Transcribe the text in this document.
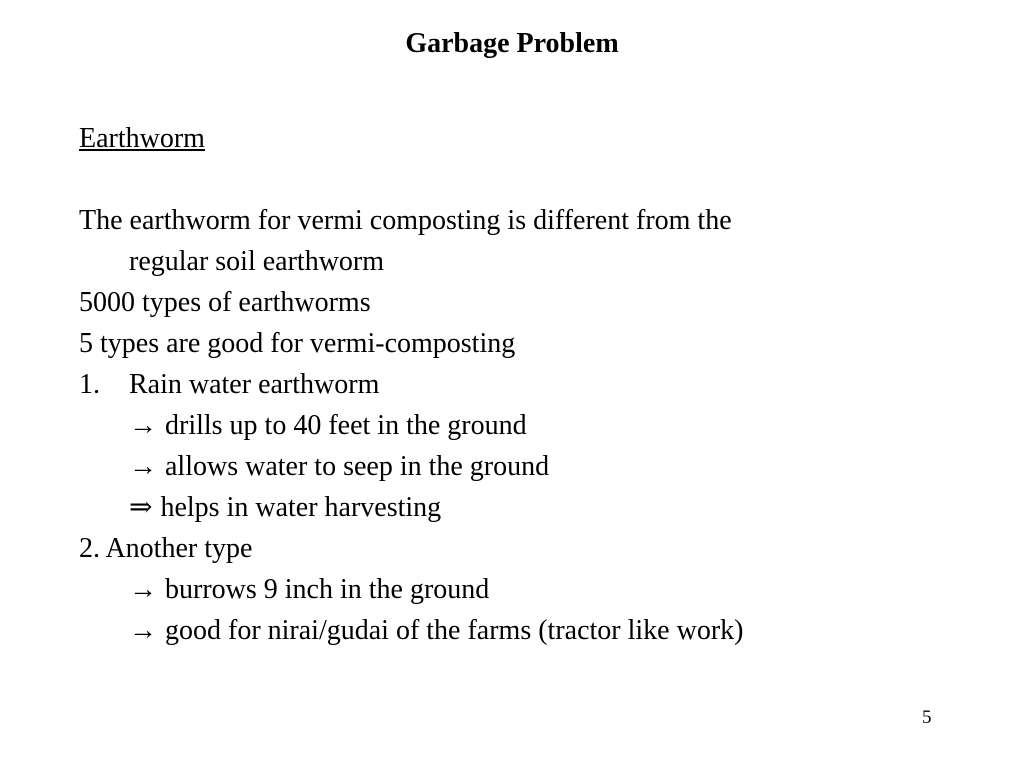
Garbage Problem
Earthworm
The earthworm for vermi composting is different from the
regular soil earthworm
5000 types of earthworms
5 types are good for vermi-composting
1. Rain water earthworm
→ drills up to 40 feet in the ground
→ allows water to seep in the ground
⇒ helps in water harvesting
2. Another type
→ burrows 9 inch in the ground
→ good for nirai/gudai of the farms (tractor like work)
5
